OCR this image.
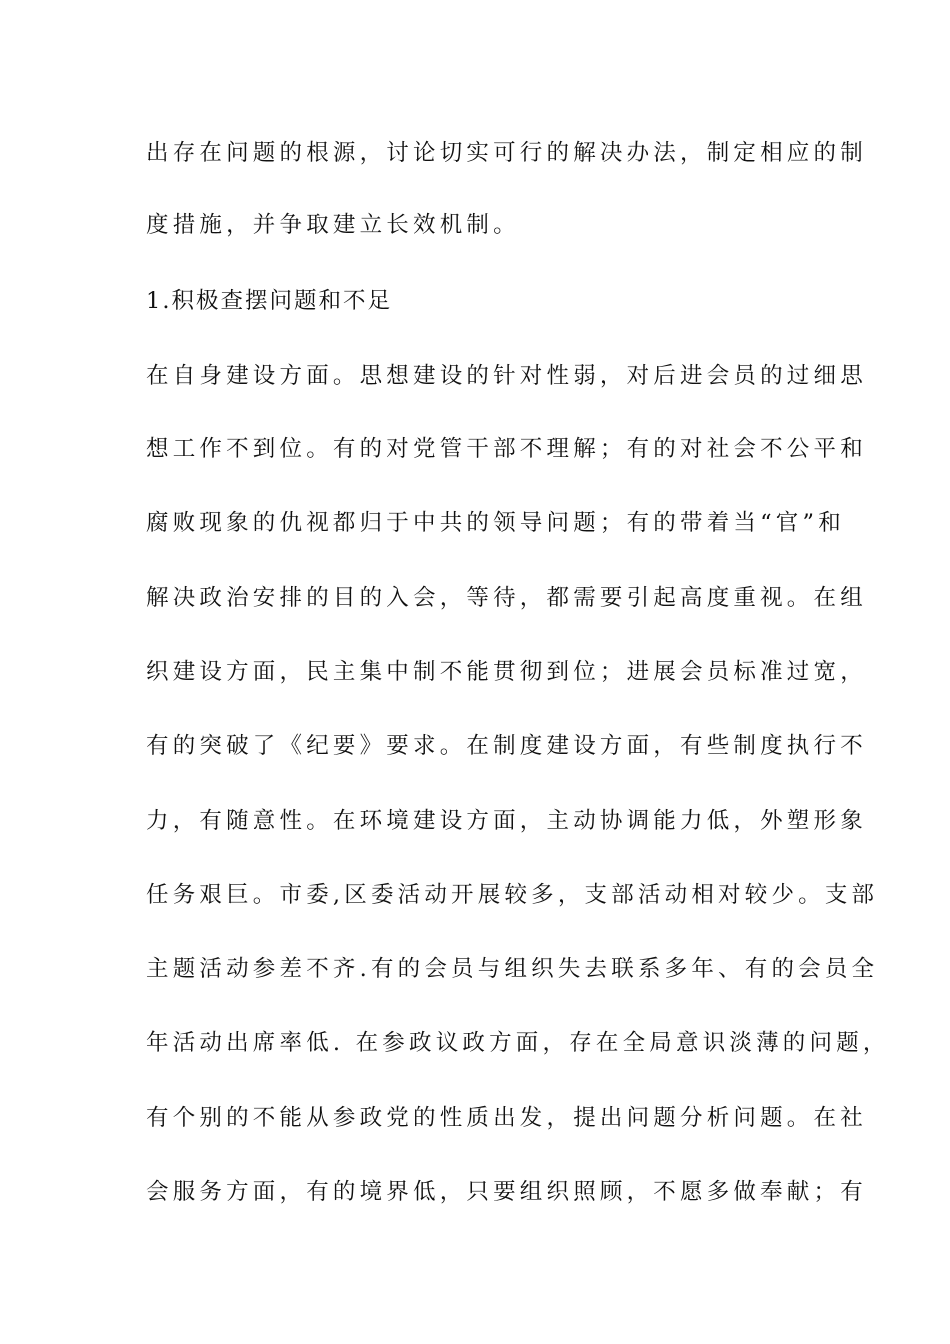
出存在问题的根源，讨论切实可行的解决办法，制定相应的制
度措施，并争取建立长效机制。
1.积极查摆问题和不足
在自身建设方面。思想建设的针对性弱，对后进会员的过细思
想工作不到位。有的对党管干部不理解；有的对社会不公平和
腐败现象的仇视都归于中共的领导问题；有的带着当“官”和
解决政治安排的目的入会，等待，都需要引起高度重视。在组
织建设方面，民主集中制不能贯彻到位；进展会员标准过宽，
有的突破了《纪要》要求。在制度建设方面，有些制度执行不
力，有随意性。在环境建设方面，主动协调能力低，外塑形象
任务艰巨。市委,区委活动开展较多，支部活动相对较少。支部
主题活动参差不齐.有的会员与组织失去联系多年、有的会员全
年活动出席率低. 在参政议政方面，存在全局意识淡薄的问题，
有个别的不能从参政党的性质出发，提出问题分析问题。在社
会服务方面，有的境界低，只要组织照顾，不愿多做奉献；有
